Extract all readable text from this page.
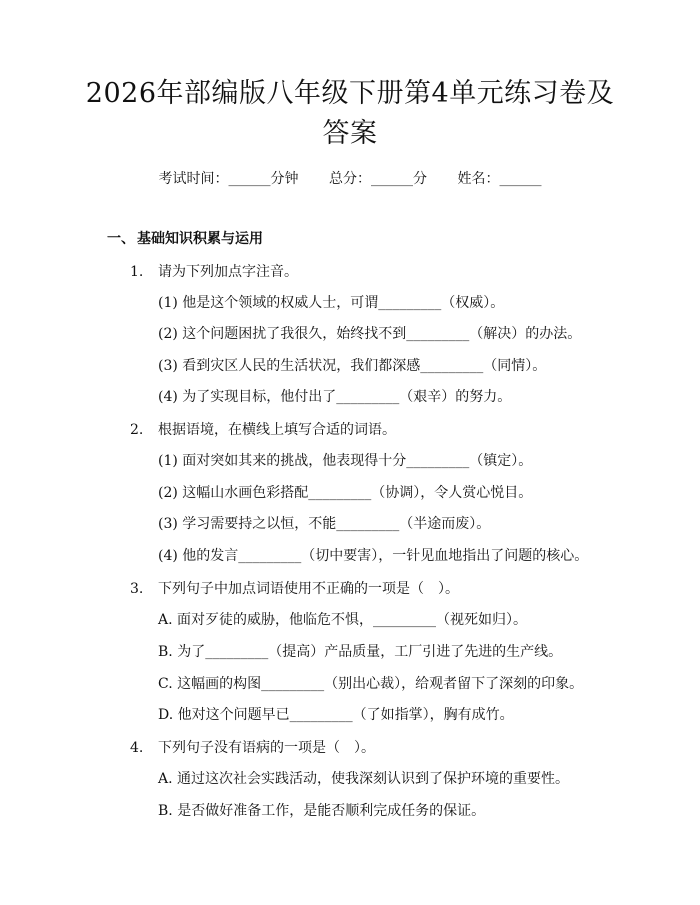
2026年部编版八年级下册第4单元练习卷及
答案
考试时间：______分钟 总分：______分 姓名：______
一、 基础知识积累与运用
1. 请为下列加点字注音。
(1) 他是这个领域的权威人士，可谓_________（权威）。
(2) 这个问题困扰了我很久，始终找不到_________（解决）的办法。
(3) 看到灾区人民的生活状况，我们都深感_________（同情）。
(4) 为了实现目标，他付出了_________（艰辛）的努力。
2. 根据语境，在横线上填写合适的词语。
(1) 面对突如其来的挑战，他表现得十分_________（镇定）。
(2) 这幅山水画色彩搭配_________（协调），令人赏心悦目。
(3) 学习需要持之以恒，不能_________（半途而废）。
(4) 他的发言_________（切中要害），一针见血地指出了问题的核心。
3. 下列句子中加点词语使用不正确的一项是（　）。
A. 面对歹徒的威胁，他临危不惧，_________（视死如归）。
B. 为了_________（提高）产品质量，工厂引进了先进的生产线。
C. 这幅画的构图_________（别出心裁），给观者留下了深刻的印象。
D. 他对这个问题早已_________（了如指掌），胸有成竹。
4. 下列句子没有语病的一项是（　）。
A. 通过这次社会实践活动，使我深刻认识到了保护环境的重要性。
B. 是否做好准备工作，是能否顺利完成任务的保证。
